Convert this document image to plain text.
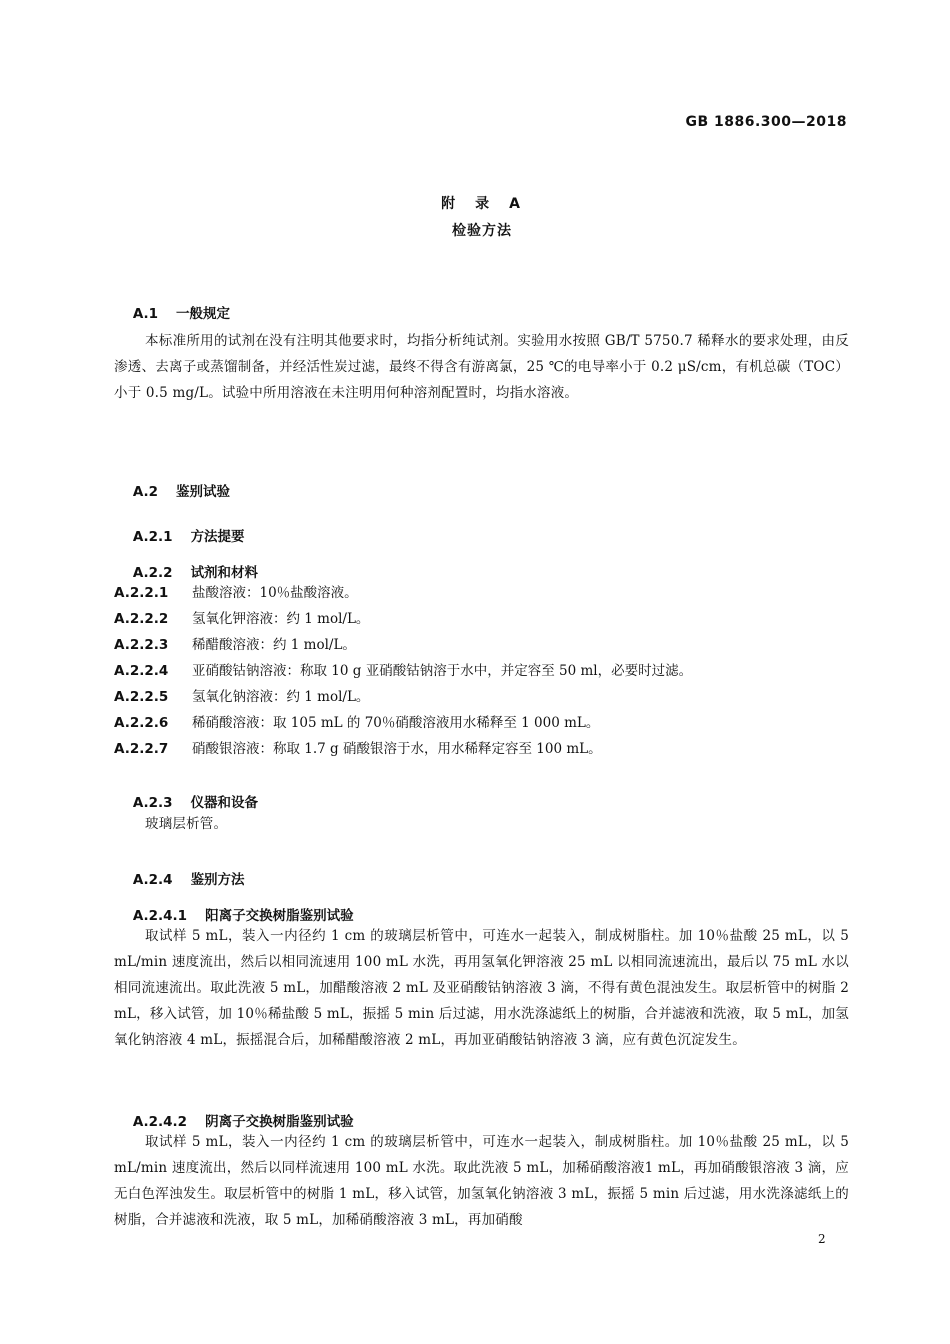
GB 1886.300—2018
附　录　A
检验方法

A.1 一般规定

本标准所用的试剂在没有注明其他要求时，均指分析纯试剂。实验用水按照 GB/T 5750.7 稀释水的要求处理，由反渗透、去离子或蒸馏制备，并经活性炭过滤，最终不得含有游离氯，25 ℃的电导率小于 0.2 μS/cm，有机总碳（TOC）小于 0.5 mg/L。试验中所用溶液在未注明用何种溶剂配置时，均指水溶液。

A.2 鉴别试验

A.2.1 方法提要

A.2.2 试剂和材料

A.2.2.1 盐酸溶液：10％盐酸溶液。
A.2.2.2 氢氧化钾溶液：约 1 mol/L。
A.2.2.3 稀醋酸溶液：约 1 mol/L。
A.2.2.4 亚硝酸钴钠溶液：称取 10 g 亚硝酸钴钠溶于水中，并定容至 50 ml，必要时过滤。
A.2.2.5 氢氧化钠溶液：约 1 mol/L。
A.2.2.6 稀硝酸溶液：取 105 mL 的 70％硝酸溶液用水稀释至 1 000 mL。
A.2.2.7 硝酸银溶液：称取 1.7 g 硝酸银溶于水，用水稀释定容至 100 mL。

A.2.3 仪器和设备

玻璃层析管。

A.2.4 鉴别方法

A.2.4.1 阳离子交换树脂鉴别试验

取试样 5 mL，装入一内径约 1 cm 的玻璃层析管中，可连水一起装入，制成树脂柱。加 10％盐酸 25 mL，以 5 mL/min 速度流出，然后以相同流速用 100 mL 水洗，再用氢氧化钾溶液 25 mL 以相同流速流出，最后以 75 mL 水以相同流速流出。取此洗液 5 mL，加醋酸溶液 2 mL 及亚硝酸钴钠溶液 3 滴，不得有黄色混浊发生。取层析管中的树脂 2 mL，移入试管，加 10％稀盐酸 5 mL，振摇 5 min 后过滤，用水洗涤滤纸上的树脂，合并滤液和洗液，取 5 mL，加氢氧化钠溶液 4 mL，振摇混合后，加稀醋酸溶液 2 mL，再加亚硝酸钴钠溶液 3 滴，应有黄色沉淀发生。

A.2.4.2 阴离子交换树脂鉴别试验

取试样 5 mL，装入一内径约 1 cm 的玻璃层析管中，可连水一起装入，制成树脂柱。加 10％盐酸 25 mL，以 5 mL/min 速度流出，然后以同样流速用 100 mL 水洗。取此洗液 5 mL，加稀硝酸溶液1 mL，再加硝酸银溶液 3 滴，应无白色浑浊发生。取层析管中的树脂 1 mL，移入试管，加氢氧化钠溶液 3 mL，振摇 5 min 后过滤，用水洗涤滤纸上的树脂，合并滤液和洗液，取 5 mL，加稀硝酸溶液 3 mL，再加硝酸
2
